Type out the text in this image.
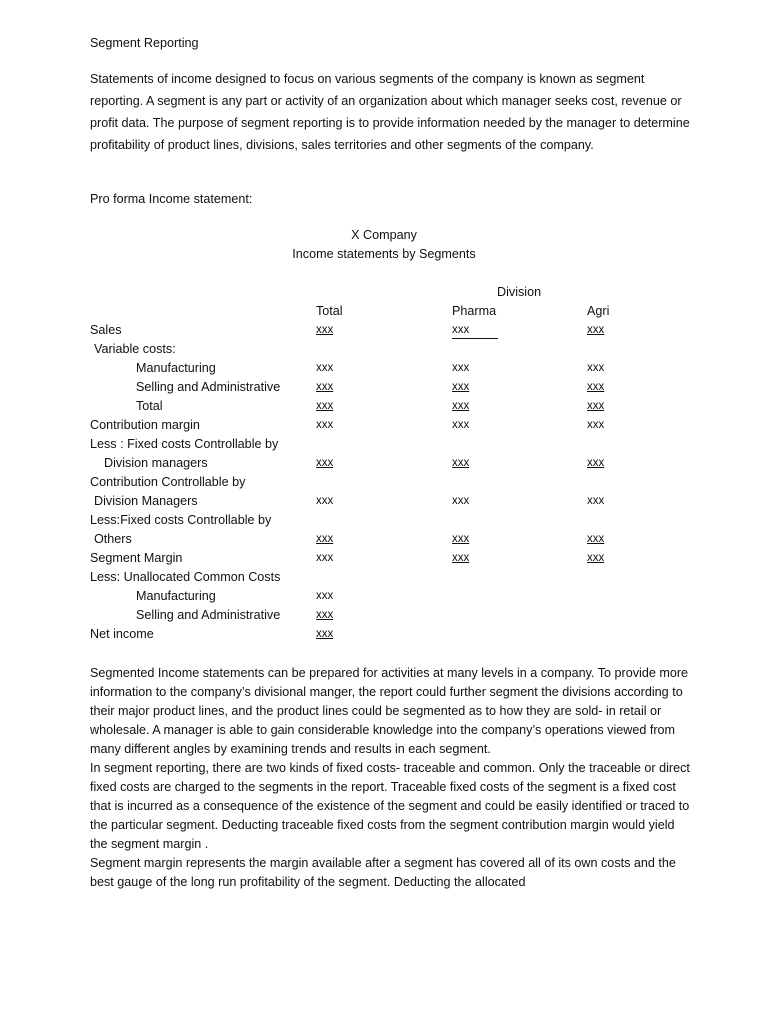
Segment Reporting
Statements of income designed to focus on various segments of the company is known as segment reporting. A segment is any part or activity of an organization about which manager seeks cost, revenue or profit data. The purpose of segment reporting is to provide information needed by the manager to determine profitability of product lines, divisions, sales territories and other segments of the company.
Pro forma Income statement:
X Company
Income statements by Segments
Division
Total	Pharma	Agri
Sales	xxx	xxx	xxx
Variable costs:
Manufacturing	xxx	xxx	xxx
Selling and Administrative	xxx	xxx	xxx
Total	xxx	xxx	xxx
Contribution margin	xxx	xxx	xxx
Less : Fixed costs Controllable by
Division managers	xxx	xxx	xxx
Contribution Controllable by
Division Managers	xxx	xxx	xxx
Less:Fixed costs Controllable by
Others	xxx	xxx	xxx
Segment Margin	xxx	xxx	xxx
Less: Unallocated Common Costs
Manufacturing	xxx
Selling and Administrative	xxx
Net income	xxx
Segmented Income statements can be prepared for activities at many levels in a company. To provide more information to the company’s divisional manger, the report could further segment the divisions according to their major product lines, and the product lines could be segmented as to how they are sold- in retail or wholesale. A manager is able to gain considerable knowledge into the company’s operations viewed from many different angles by examining trends and results in each segment.
In segment reporting, there are two kinds of fixed costs- traceable and common. Only the traceable or direct fixed costs are charged to the segments in the report. Traceable fixed costs of the segment is a fixed cost that is incurred as a consequence of the existence of the segment and could be easily identified or traced to the particular segment. Deducting traceable fixed costs from the segment contribution margin would yield the segment margin .
Segment margin represents the margin available after a segment has covered all of its own costs and the best gauge of the long run profitability of the segment. Deducting the allocated
